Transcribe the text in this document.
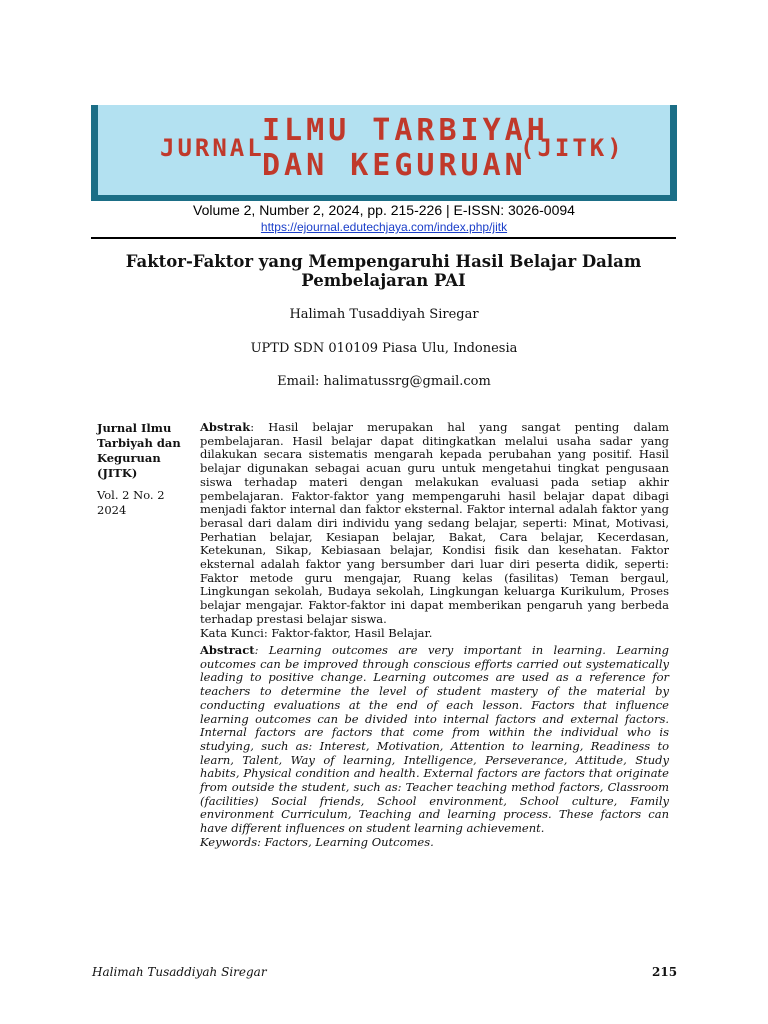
JURNAL
ILMU TARBIYAH
DAN KEGURUAN
(JITK)
Volume 2, Number 2, 2024, pp. 215-226 | E-ISSN: 3026-0094
https://ejournal.edutechjaya.com/index.php/jitk
Faktor-Faktor yang Mempengaruhi Hasil Belajar Dalam
Pembelajaran PAI
Halimah Tusaddiyah Siregar
UPTD SDN 010109 Piasa Ulu, Indonesia
Email: halimatussrg@gmail.com
Jurnal Ilmu Tarbiyah dan Keguruan (JITK)
Vol. 2 No. 2 2024
Abstrak: Hasil belajar merupakan hal yang sangat penting dalam pembelajaran. Hasil belajar dapat ditingkatkan melalui usaha sadar yang dilakukan secara sistematis mengarah kepada perubahan yang positif. Hasil belajar digunakan sebagai acuan guru untuk mengetahui tingkat pengusaan siswa terhadap materi dengan melakukan evaluasi pada setiap akhir pembelajaran. Faktor-faktor yang mempengaruhi hasil belajar dapat dibagi menjadi faktor internal dan faktor eksternal. Faktor internal adalah faktor yang berasal dari dalam diri individu yang sedang belajar, seperti: Minat, Motivasi, Perhatian belajar, Kesiapan belajar, Bakat, Cara belajar, Kecerdasan, Ketekunan, Sikap, Kebiasaan belajar, Kondisi fisik dan kesehatan. Faktor eksternal adalah faktor yang bersumber dari luar diri peserta didik, seperti: Faktor metode guru mengajar, Ruang kelas (fasilitas) Teman bergaul, Lingkungan sekolah, Budaya sekolah, Lingkungan keluarga Kurikulum, Proses belajar mengajar. Faktor-faktor ini dapat memberikan pengaruh yang berbeda terhadap prestasi belajar siswa.
Kata Kunci: Faktor-faktor, Hasil Belajar.
Abstract: Learning outcomes are very important in learning. Learning outcomes can be improved through conscious efforts carried out systematically leading to positive change. Learning outcomes are used as a reference for teachers to determine the level of student mastery of the material by conducting evaluations at the end of each lesson. Factors that influence learning outcomes can be divided into internal factors and external factors. Internal factors are factors that come from within the individual who is studying, such as: Interest, Motivation, Attention to learning, Readiness to learn, Talent, Way of learning, Intelligence, Perseverance, Attitude, Study habits, Physical condition and health. External factors are factors that originate from outside the student, such as: Teacher teaching method factors, Classroom (facilities) Social friends, School environment, School culture, Family environment Curriculum, Teaching and learning process. These factors can have different influences on student learning achievement.
Keywords: Factors, Learning Outcomes.
Halimah Tusaddiyah Siregar	215
